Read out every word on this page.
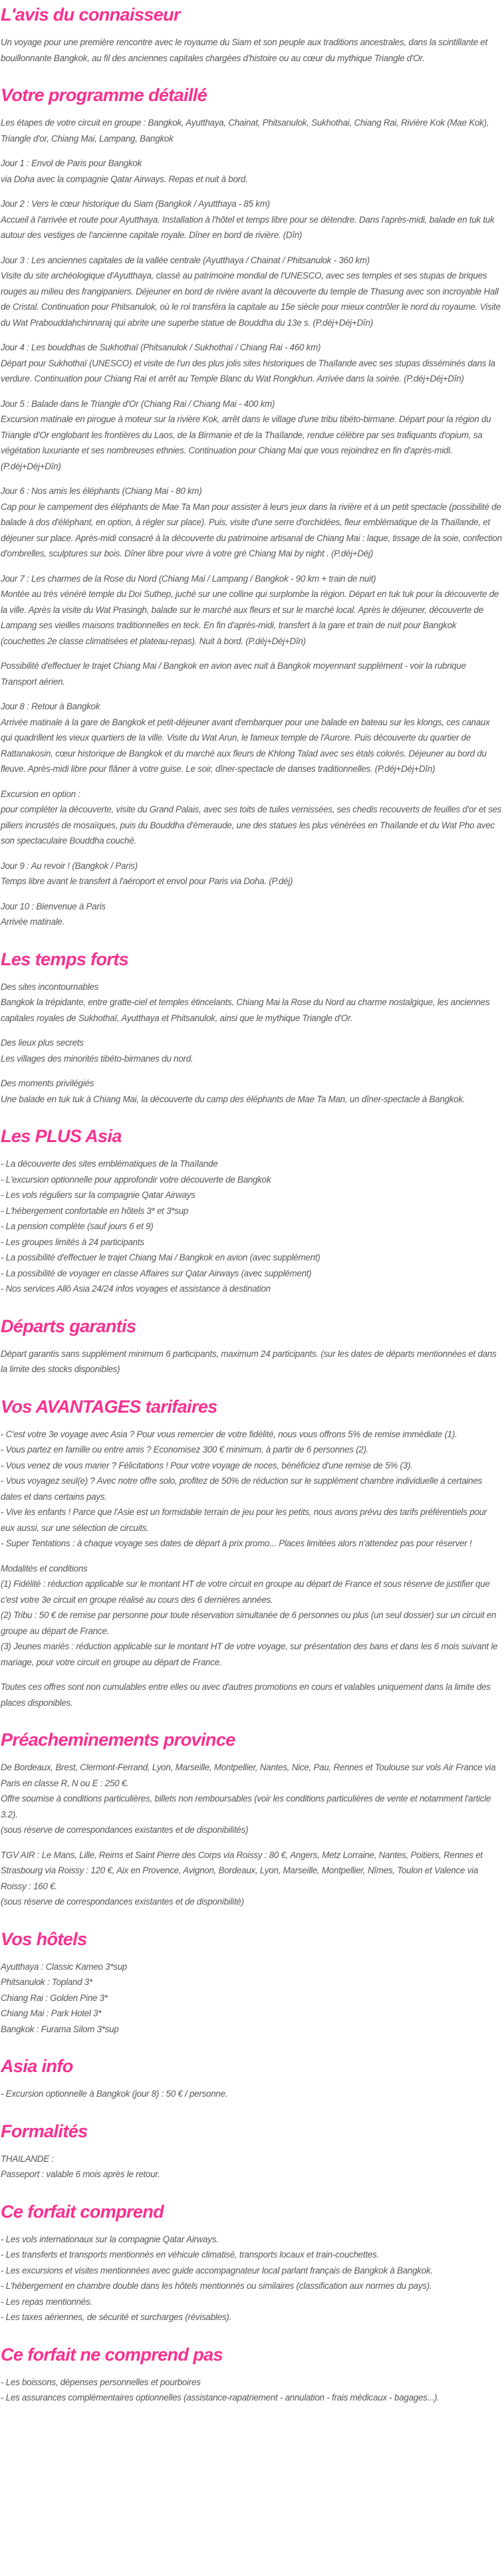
L'avis du connaisseur

Un voyage pour une première rencontre avec le royaume du Siam et son peuple aux traditions ancestrales, dans la scintillante et bouillonnante Bangkok, au fil des anciennes capitales chargées d'histoire ou au cœur du mythique Triangle d'Or.

Votre programme détaillé

Les étapes de votre circuit en groupe : Bangkok, Ayutthaya, Chainat, Phitsanulok, Sukhothai, Chiang Rai, Rivière Kok (Mae Kok), Triangle d'or, Chiang Mai, Lampang, Bangkok

Jour 1 : Envol de Paris pour Bangkok
via Doha avec la compagnie Qatar Airways. Repas et nuit à bord.

Jour 2 : Vers le cœur historique du Siam (Bangkok / Ayutthaya - 85 km)
Accueil à l'arrivée et route pour Ayutthaya. Installation à l'hôtel et temps libre pour se détendre. Dans l'après-midi, balade en tuk tuk autour des vestiges de l'ancienne capitale royale. Dîner en bord de rivière. (Dîn)

Jour 3 : Les anciennes capitales de la vallée centrale (Ayutthaya / Chainat / Phitsanulok - 360 km)
Visite du site archéologique d'Ayutthaya, classé au patrimoine mondial de l'UNESCO, avec ses temples et ses stupas de briques rouges au milieu des frangipaniers. Déjeuner en bord de rivière avant la découverte du temple de Thasung avec son incroyable Hall de Cristal. Continuation pour Phitsanulok, où le roi transféra la capitale au 15e siècle pour mieux contrôler le nord du royaume. Visite du Wat Prabouddahchinnaraj qui abrite une superbe statue de Bouddha du 13e s. (P.déj+Déj+Dîn)

Jour 4 : Les bouddhas de Sukhothaï (Phitsanulok / Sukhothaï / Chiang Rai - 460 km)
Départ pour Sukhothaï (UNESCO) et visite de l'un des plus jolis sites historiques de Thaïlande avec ses stupas disséminés dans la verdure. Continuation pour Chiang Rai et arrêt au Temple Blanc du Wat Rongkhun. Arrivée dans la soirée. (P.déj+Déj+Dîn)

Jour 5 : Balade dans le Triangle d'Or (Chiang Rai / Chiang Mai - 400 km)
Excursion matinale en pirogue à moteur sur la rivière Kok, arrêt dans le village d'une tribu tibéto-birmane. Départ pour la région du Triangle d'Or englobant les frontières du Laos, de la Birmanie et de la Thaïlande, rendue célèbre par ses trafiquants d'opium, sa végétation luxuriante et ses nombreuses ethnies. Continuation pour Chiang Mai que vous rejoindrez en fin d'après-midi. (P.déj+Déj+Dîn)

Jour 6 : Nos amis les éléphants (Chiang Mai - 80 km)
Cap pour le campement des éléphants de Mae Ta Man pour assister à leurs jeux dans la rivière et à un petit spectacle (possibilité de balade à dos d'éléphant, en option, à régler sur place). Puis, visite d'une serre d'orchidées, fleur emblématique de la Thaïlande, et déjeuner sur place. Après-midi consacré à la découverte du patrimoine artisanal de Chiang Mai : laque, tissage de la soie, confection d'ombrelles, sculptures sur bois. Dîner libre pour vivre à votre gré Chiang Mai by night . (P.déj+Déj)

Jour 7 : Les charmes de la Rose du Nord (Chiang Mai / Lampang / Bangkok - 90 km + train de nuit)
Montée au très vénéré temple du Doi Suthep, juché sur une colline qui surplombe la région. Départ en tuk tuk pour la découverte de la ville. Après la visite du Wat Prasingh, balade sur le marché aux fleurs et sur le marché local. Après le déjeuner, découverte de Lampang ses vieilles maisons traditionnelles en teck. En fin d'après-midi, transfert à la gare et train de nuit pour Bangkok (couchettes 2e classe climatisées et plateau-repas). Nuit à bord. (P.déj+Déj+Dîn)

Possibilité d'effectuer le trajet Chiang Mai / Bangkok en avion avec nuit à Bangkok moyennant supplément - voir la rubrique Transport aérien.

Jour 8 : Retour à Bangkok
Arrivée matinale à la gare de Bangkok et petit-déjeuner avant d'embarquer pour une balade en bateau sur les klongs, ces canaux qui quadrillent les vieux quartiers de la ville. Visite du Wat Arun, le fameux temple de l'Aurore. Puis découverte du quartier de Rattanakosin, cœur historique de Bangkok et du marché aux fleurs de Khlong Talad avec ses étals colorés. Déjeuner au bord du fleuve. Après-midi libre pour flâner à votre guise. Le soir, dîner-spectacle de danses traditionnelles. (P.déj+Déj+Dîn)

Excursion en option :
pour compléter la découverte, visite du Grand Palais, avec ses toits de tuiles vernissées, ses chedis recouverts de feuilles d'or et ses piliers incrustés de mosaïques, puis du Bouddha d'émeraude, une des statues les plus vénérées en Thaïlande et du Wat Pho avec son spectaculaire Bouddha couché.

Jour 9 : Au revoir ! (Bangkok / Paris)
Temps libre avant le transfert à l'aéroport et envol pour Paris via Doha. (P.déj)

Jour 10 : Bienvenue à Paris
Arrivée matinale.

Les temps forts

Des sites incontournables
Bangkok la trépidante, entre gratte-ciel et temples étincelants, Chiang Mai la Rose du Nord au charme nostalgique, les anciennes capitales royales de Sukhothaï, Ayutthaya et Phitsanulok, ainsi que le mythique Triangle d'Or.

Des lieux plus secrets
Les villages des minorités tibéto-birmanes du nord.

Des moments privilégiés
Une balade en tuk tuk à Chiang Mai, la découverte du camp des éléphants de Mae Ta Man, un dîner-spectacle à Bangkok.

Les PLUS Asia

- La découverte des sites emblématiques de la Thaïlande
- L'excursion optionnelle pour approfondir votre découverte de Bangkok
- Les vols réguliers sur la compagnie Qatar Airways
- L'hébergement confortable en hôtels 3* et 3*sup
- La pension complète (sauf jours 6 et 9)
- Les groupes limités à 24 participants
- La possibilité d'effectuer le trajet Chiang Mai / Bangkok en avion (avec supplément)
- La possibilité de voyager en classe Affaires sur Qatar Airways (avec supplément)
- Nos services Allô Asia 24/24 infos voyages et assistance à destination

Départs garantis

Départ garantis sans supplément minimum 6 participants, maximum 24 participants. (sur les dates de départs mentionnées et dans la limite des stocks disponibles)

Vos AVANTAGES tarifaires

- C'est votre 3e voyage avec Asia ? Pour vous remercier de votre fidélité, nous vous offrons 5% de remise immédiate (1).
- Vous partez en famille ou entre amis ? Economisez 300 € minimum, à partir de 6 personnes (2).
- Vous venez de vous marier ? Félicitations ! Pour votre voyage de noces, bénéficiez d'une remise de 5% (3).
- Vous voyagez seul(e) ? Avec notre offre solo, profitez de 50% de réduction sur le supplément chambre individuelle à certaines dates et dans certains pays.
- Vive les enfants ! Parce que l'Asie est un formidable terrain de jeu pour les petits, nous avons prévu des tarifs préférentiels pour eux aussi, sur une sélection de circuits.
- Super Tentations : à chaque voyage ses dates de départ à prix promo... Places limitées alors n'attendez pas pour réserver !

Modalités et conditions
(1) Fidélité : réduction applicable sur le montant HT de votre circuit en groupe au départ de France et sous réserve de justifier que c'est votre 3e circuit en groupe réalisé au cours des 6 dernières années.
(2) Tribu : 50 € de remise par personne pour toute réservation simultanée de 6 personnes ou plus (un seul dossier) sur un circuit en groupe au départ de France.
(3) Jeunes mariés : réduction applicable sur le montant HT de votre voyage, sur présentation des bans et dans les 6 mois suivant le mariage, pour votre circuit en groupe au départ de France.

Toutes ces offres sont non cumulables entre elles ou avec d'autres promotions en cours et valables uniquement dans la limite des places disponibles.

Préacheminements province

De Bordeaux, Brest, Clermont-Ferrand, Lyon, Marseille, Montpellier, Nantes, Nice, Pau, Rennes et Toulouse sur vols Air France via Paris en classe R, N ou E : 250 €.
Offre soumise à conditions particulières, billets non remboursables (voir les conditions particulières de vente et notamment l'article 3.2).
(sous réserve de correspondances existantes et de disponibilités)

TGV AIR : Le Mans, Lille, Reims et Saint Pierre des Corps via Roissy : 80 €, Angers, Metz Lorraine, Nantes, Poitiers, Rennes et Strasbourg via Roissy : 120 €, Aix en Provence, Avignon, Bordeaux, Lyon, Marseille, Montpellier, Nîmes, Toulon et Valence via Roissy : 160 €.
(sous réserve de correspondances existantes et de disponibilité)

Vos hôtels

Ayutthaya : Classic Kameo 3*sup
Phitsanulok : Topland 3*
Chiang Rai : Golden Pine 3*
Chiang Mai : Park Hotel 3*
Bangkok : Furama Silom 3*sup

Asia info

- Excursion optionnelle à Bangkok (jour 8) : 50 € / personne.

Formalités

THAILANDE :
Passeport : valable 6 mois après le retour.

Ce forfait comprend

- Les vols internationaux sur la compagnie Qatar Airways.
- Les transferts et transports mentionnés en véhicule climatisé, transports locaux et train-couchettes.
- Les excursions et visites mentionnées avec guide accompagnateur local parlant français de Bangkok à Bangkok.
- L'hébergement en chambre double dans les hôtels mentionnés ou similaires (classification aux normes du pays).
- Les repas mentionnés.
- Les taxes aériennes, de sécurité et surcharges (révisables).

Ce forfait ne comprend pas

- Les boissons, dépenses personnelles et pourboires
- Les assurances complémentaires optionnelles (assistance-rapatriement - annulation - frais médicaux - bagages...).
